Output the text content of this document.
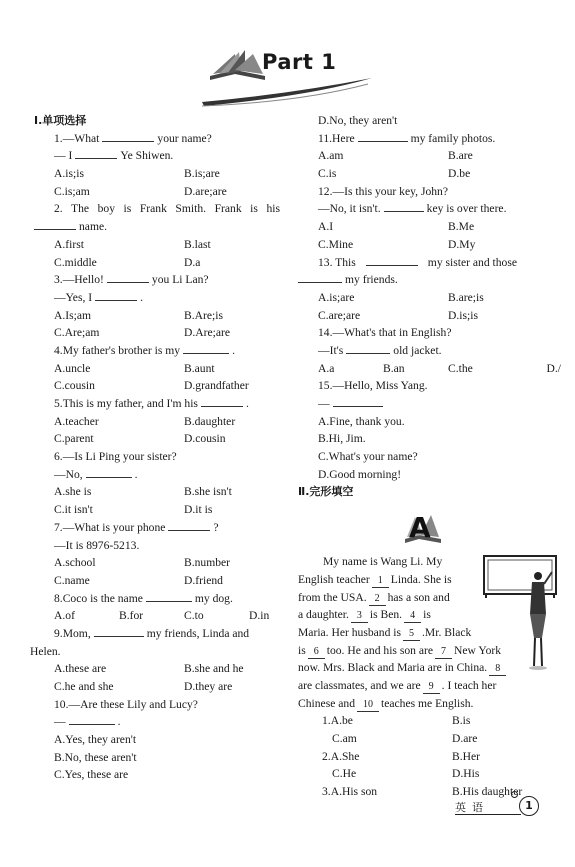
Part 1
Ⅰ.单项选择
1.—What	your name?
— I	Ye Shiwen.
A.is;is	B.is;are
C.is;am	D.are;are
2. The boy is Frank Smith. Frank is his
name.
A.first	B.last
C.middle	D.a
3.—Hello!	you Li Lan?
—Yes, I	.
A.Is;am	B.Are;is
C.Are;am	D.Are;are
4.My father's brother is my	.
A.uncle	B.aunt
C.cousin	D.grandfather
5.This is my father, and I'm his	.
A.teacher	B.daughter
C.parent	D.cousin
6.—Is Li Ping your sister?
—No,	.
A.she is	B.she isn't
C.it isn't	D.it is
7.—What is your phone	?
—It is 8976-5213.
A.school	B.number
C.name	D.friend
8.Coco is the name	my dog.
A.of	B.for	C.to	D.in
9.Mom,	my friends, Linda and
Helen.
A.these are	B.she and he
C.he and she	D.they are
10.—Are these Lily and Lucy?
—	.
A.Yes, they aren't
B.No, these aren't
C.Yes, these are
D.No, they aren't
11.Here	my family photos.
A.am	B.are
C.is	D.be
12.—Is this your key, John?
—No, it isn't.	key is over there.
A.I	B.Me
C.Mine	D.My
13. This	my sister and those
my friends.
A.is;are	B.are;is
C.are;are	D.is;is
14.—What's that in English?
—It's	old jacket.
A.a	B.an	C.the	D./
15.—Hello, Miss Yang.
—
A.Fine, thank you.
B.Hi, Jim.
C.What's your name?
D.Good morning!
Ⅱ.完形填空
A
My name is Wang Li. My
English teacher 1 Linda. She is
from the USA. 2 has a son and
a daughter. 3 is Ben. 4 is
Maria. Her husband is 5 .Mr. Black
is 6 too. He and his son are 7 New York
now. Mrs. Black and Maria are in China. 8
are classmates, and we are 9 . I teach her
Chinese and 10 teaches me English.
1.A.be	B.is
C.am	D.are
2.A.She	B.Her
C.He	D.His
3.A.His son	B.His daughter
英语	1
